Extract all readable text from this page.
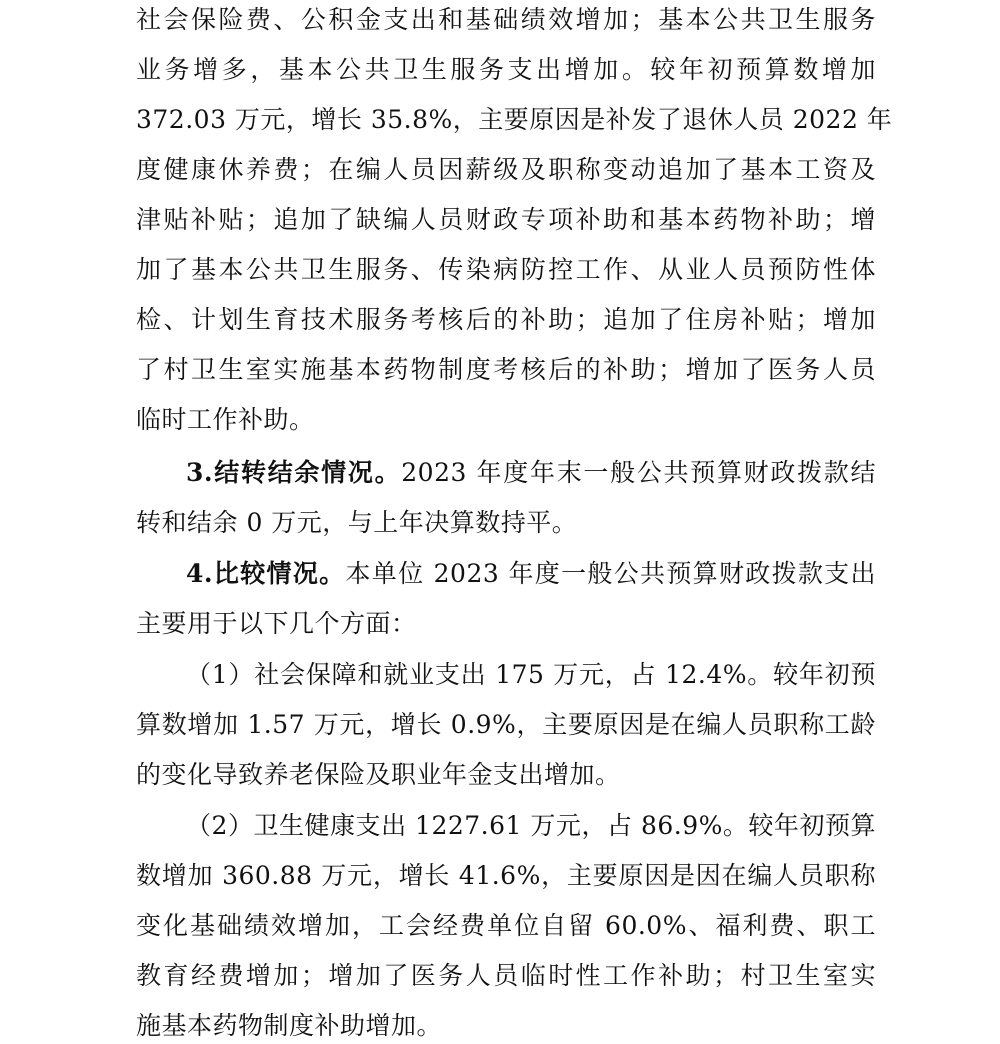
社会保险费、公积金支出和基础绩效增加；基本公共卫生服务
业务增多，基本公共卫生服务支出增加。较年初预算数增加
372.03 万元，增长 35.8%，主要原因是补发了退休人员 2022 年
度健康休养费；在编人员因薪级及职称变动追加了基本工资及
津贴补贴；追加了缺编人员财政专项补助和基本药物补助；增
加了基本公共卫生服务、传染病防控工作、从业人员预防性体
检、计划生育技术服务考核后的补助；追加了住房补贴；增加
了村卫生室实施基本药物制度考核后的补助；增加了医务人员
临时工作补助。
3.结转结余情况。2023 年度年末一般公共预算财政拨款结
转和结余 0 万元，与上年决算数持平。
4.比较情况。本单位 2023 年度一般公共预算财政拨款支出
主要用于以下几个方面：
（1）社会保障和就业支出 175 万元，占 12.4%。较年初预
算数增加 1.57 万元，增长 0.9%，主要原因是在编人员职称工龄
的变化导致养老保险及职业年金支出增加。
（2）卫生健康支出 1227.61 万元，占 86.9%。较年初预算
数增加 360.88 万元，增长 41.6%，主要原因是因在编人员职称
变化基础绩效增加，工会经费单位自留 60.0%、福利费、职工
教育经费增加；增加了医务人员临时性工作补助；村卫生室实
施基本药物制度补助增加。
